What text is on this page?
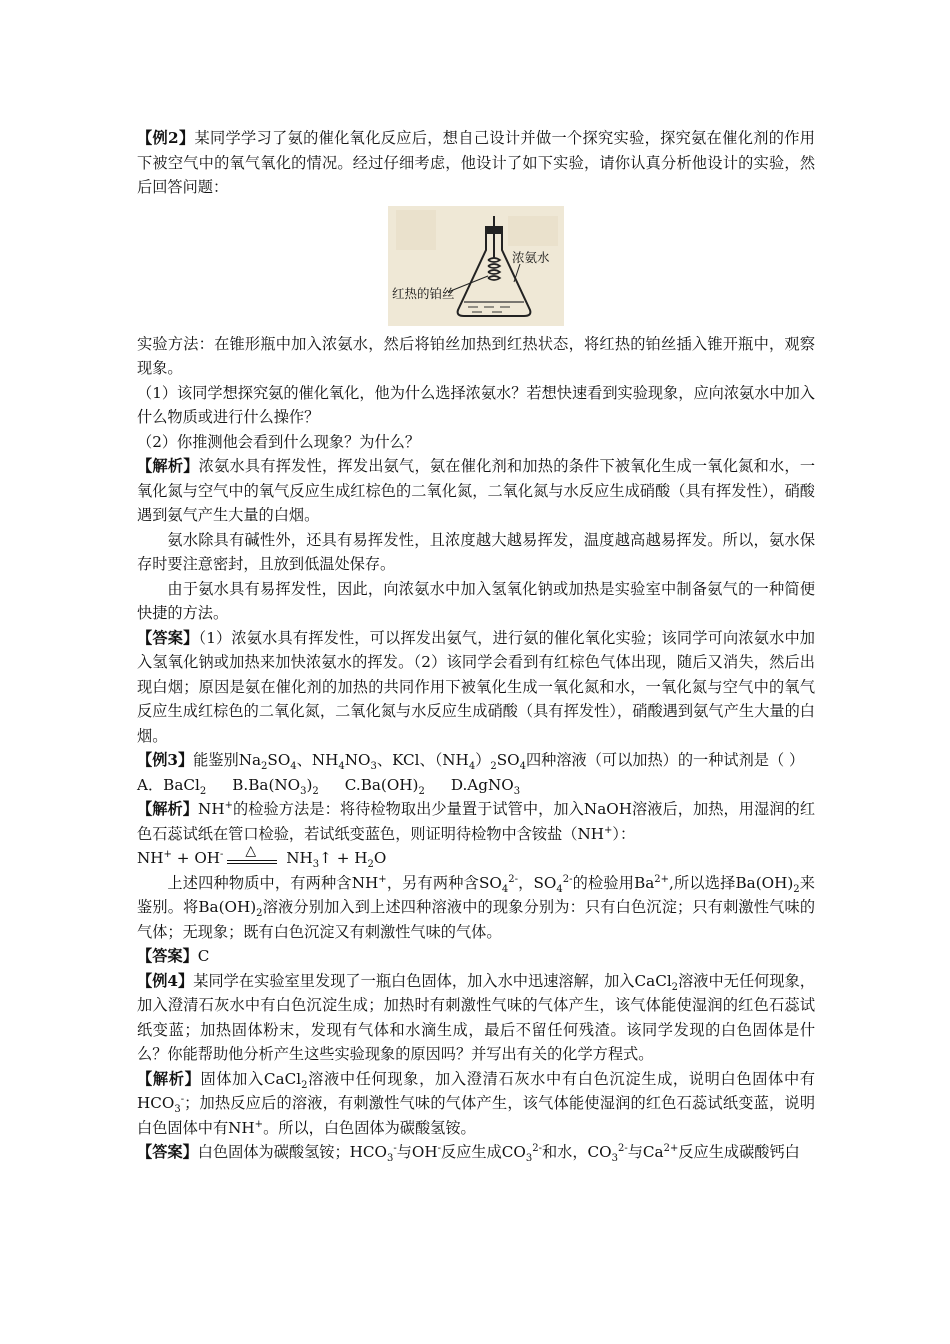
【例2】某同学学习了氨的催化氧化反应后，想自己设计并做一个探究实验，探究氨在催化剂的作用下被空气中的氧气氧化的情况。经过仔细考虑，他设计了如下实验，请你认真分析他设计的实验，然后回答问题：

红热的铂丝
浓氨水

实验方法：在锥形瓶中加入浓氨水，然后将铂丝加热到红热状态，将红热的铂丝插入锥开瓶中，观察现象。

（1）该同学想探究氨的催化氧化，他为什么选择浓氨水？若想快速看到实验现象，应向浓氨水中加入什么物质或进行什么操作？

（2）你推测他会看到什么现象？为什么？

【解析】浓氨水具有挥发性，挥发出氨气，氨在催化剂和加热的条件下被氧化生成一氧化氮和水，一氧化氮与空气中的氧气反应生成红棕色的二氧化氮，二氧化氮与水反应生成硝酸（具有挥发性），硝酸遇到氨气产生大量的白烟。

氨水除具有碱性外，还具有易挥发性，且浓度越大越易挥发，温度越高越易挥发。所以，氨水保存时要注意密封，且放到低温处保存。

由于氨水具有易挥发性，因此，向浓氨水中加入氢氧化钠或加热是实验室中制备氨气的一种简便快捷的方法。

【答案】（1）浓氨水具有挥发性，可以挥发出氨气，进行氨的催化氧化实验；该同学可向浓氨水中加入氢氧化钠或加热来加快浓氨水的挥发。（2）该同学会看到有红棕色气体出现，随后又消失，然后出现白烟；原因是氨在催化剂的加热的共同作用下被氧化生成一氧化氮和水，一氧化氮与空气中的氧气反应生成红棕色的二氧化氮，二氧化氮与水反应生成硝酸（具有挥发性），硝酸遇到氨气产生大量的白烟。

【例3】能鉴别$Na_2SO_4$、$NH_4NO_3$、KCl、$(NH_4)_2SO_4$四种溶液（可以加热）的一种试剂是（ ）

A．BaCl$_2$ $B.Ba(NO_3)_2$ $C.Ba(OH)_2$ D.AgNO$_3$

【解析】NH+的检验方法是：将待检物取出少量置于试管中，加入NaOH溶液后，加热，用湿润的红色石蕊试纸在管口检验，若试纸变蓝色，则证明待检物中含铵盐（NH+）：

NH+ + OH- △ $NH_3↑ + H_2O$

上述四种物质中，有两种含NH+，另有两种含$SO_4^{2-}$，$SO_4^{2-}$的检验用$Ba^{2+}$,所以选择$Ba(OH)_2$来鉴别。将$Ba(OH)_2$溶液分别加入到上述四种溶液中的现象分别为：只有白色沉淀；只有刺激性气味的气体；无现象；既有白色沉淀又有刺激性气味的气体。

【答案】C

【例4】某同学在实验室里发现了一瓶白色固体，加入水中迅速溶解，加入CaCl$_2$溶液中无任何现象，加入澄清石灰水中有白色沉淀生成；加热时有刺激性气味的气体产生，该气体能使湿润的红色石蕊试纸变蓝；加热固体粉末，发现有气体和水滴生成，最后不留任何残渣。该同学发现的白色固体是什么？你能帮助他分析产生这些实验现象的原因吗？并写出有关的化学方程式。

【解析】固体加入CaCl$_2$溶液中任何现象，加入澄清石灰水中有白色沉淀生成，说明白色固体中有$HCO_3^-$；加热反应后的溶液，有刺激性气味的气体产生，该气体能使湿润的红色石蕊试纸变蓝，说明白色固体中有NH+。所以，白色固体为碳酸氢铵。

【答案】白色固体为碳酸氢铵；$HCO_3^-$与OH-反应生成$CO_3^{2-}$和水，$CO_3^{2-}$与$Ca^{2+}$反应生成碳酸钙白
